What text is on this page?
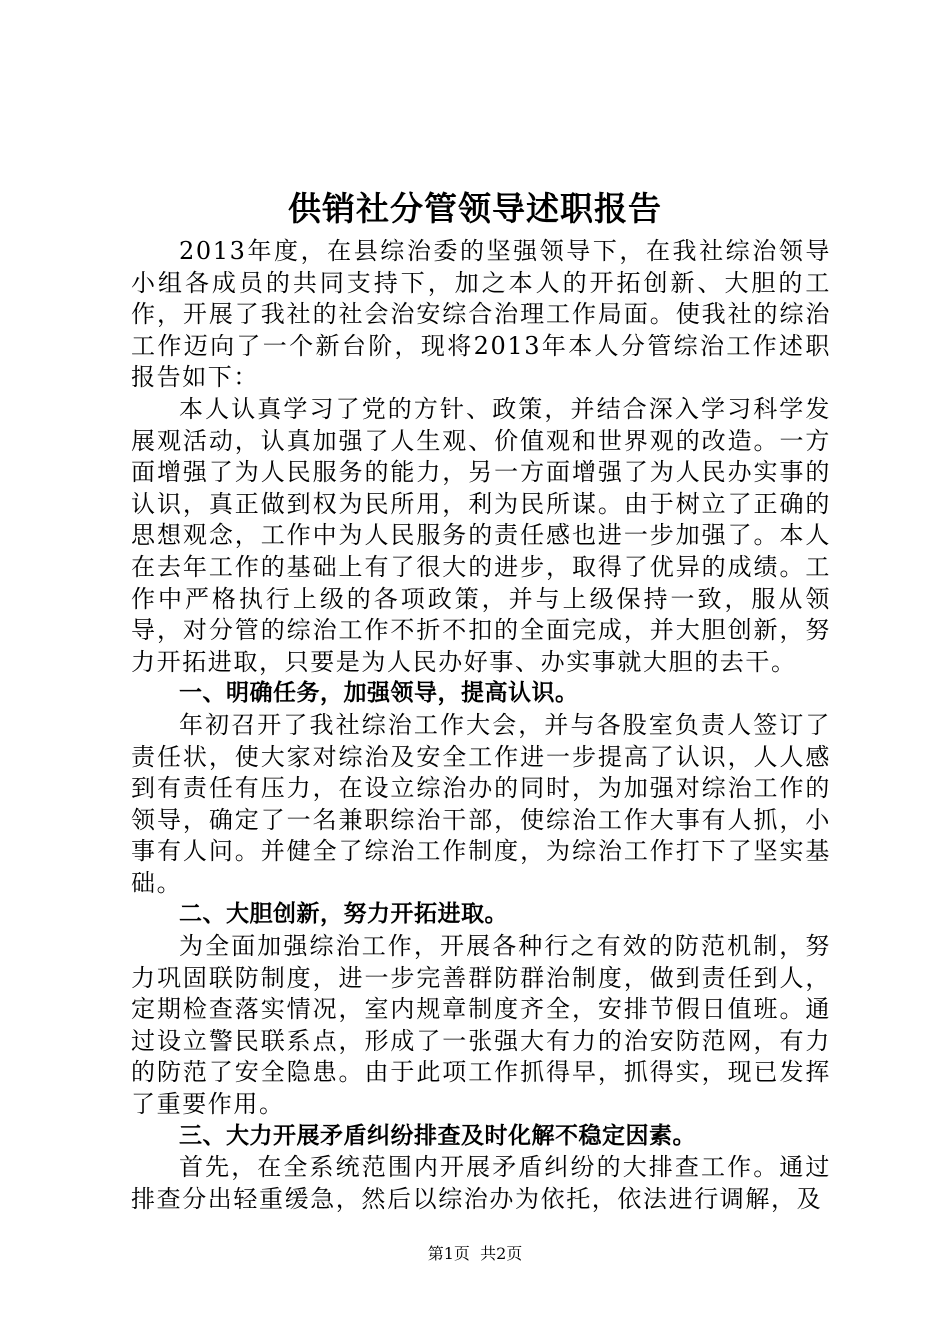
供销社分管领导述职报告

2013年度，在县综治委的坚强领导下，在我社综治领导小组各成员的共同支持下，加之本人的开拓创新、大胆的工作，开展了我社的社会治安综合治理工作局面。使我社的综治工作迈向了一个新台阶，现将2013年本人分管综治工作述职报告如下：

本人认真学习了党的方针、政策，并结合深入学习科学发展观活动，认真加强了人生观、价值观和世界观的改造。一方面增强了为人民服务的能力，另一方面增强了为人民办实事的认识，真正做到权为民所用，利为民所谋。由于树立了正确的思想观念，工作中为人民服务的责任感也进一步加强了。本人在去年工作的基础上有了很大的进步，取得了优异的成绩。工作中严格执行上级的各项政策，并与上级保持一致，服从领导，对分管的综治工作不折不扣的全面完成，并大胆创新，努力开拓进取，只要是为人民办好事、办实事就大胆的去干。

一、明确任务，加强领导，提高认识。

年初召开了我社综治工作大会，并与各股室负责人签订了责任状，使大家对综治及安全工作进一步提高了认识，人人感到有责任有压力，在设立综治办的同时，为加强对综治工作的领导，确定了一名兼职综治干部，使综治工作大事有人抓，小事有人问。并健全了综治工作制度，为综治工作打下了坚实基础。

二、大胆创新，努力开拓进取。

为全面加强综治工作，开展各种行之有效的防范机制，努力巩固联防制度，进一步完善群防群治制度，做到责任到人，定期检查落实情况，室内规章制度齐全，安排节假日值班。通过设立警民联系点，形成了一张强大有力的治安防范网，有力的防范了安全隐患。由于此项工作抓得早，抓得实，现已发挥了重要作用。

三、大力开展矛盾纠纷排查及时化解不稳定因素。

首先，在全系统范围内开展矛盾纠纷的大排查工作。通过排查分出轻重缓急，然后以综治办为依托，依法进行调解，及

第1页 共2页
